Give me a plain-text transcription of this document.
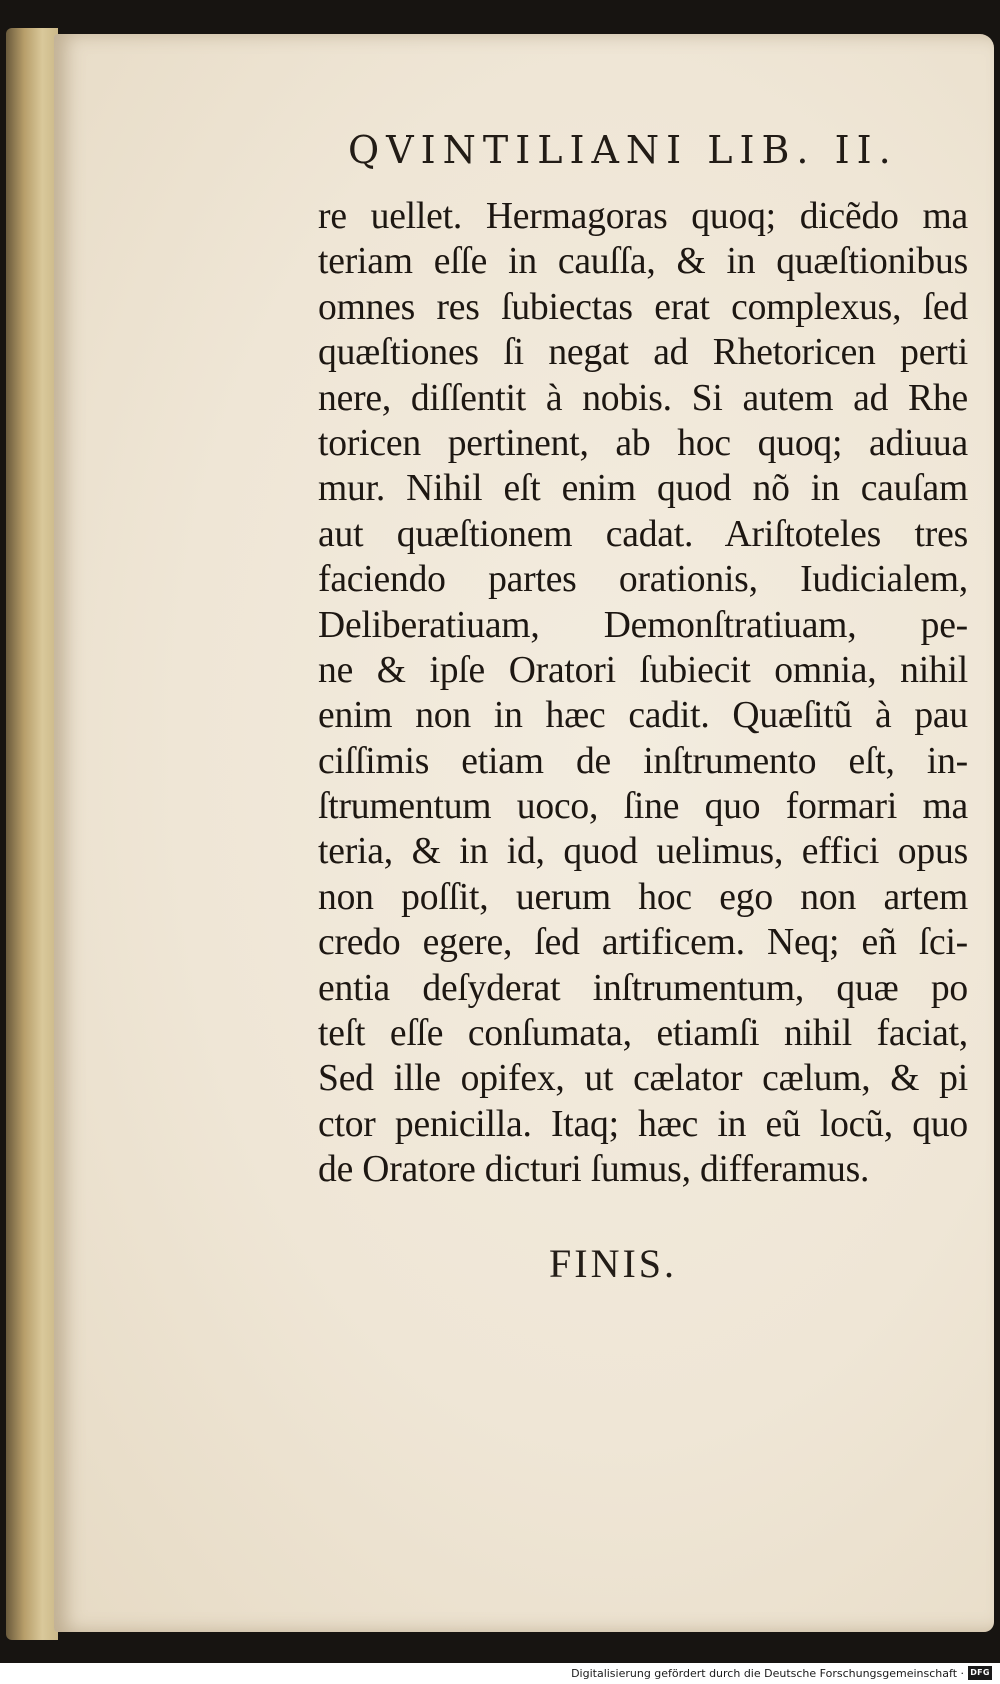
QVINTILIANI LIB. II.
re uellet. Hermagoras quoq; dicẽdo ma
teriam eſſe in cauſſa, & in quæſtionibus
omnes res ſubiectas erat complexus, ſed
quæſtiones ſi negat ad Rhetoricen perti
nere, diſſentit à nobis. Si autem ad Rhe
toricen pertinent, ab hoc quoq; adiuua
mur. Nihil eſt enim quod nõ in cauſam
aut quæſtionem cadat. Ariſtoteles tres
faciendo partes orationis, Iudicialem,
Deliberatiuam, Demonſtratiuam, pe-
ne & ipſe Oratori ſubiecit omnia, nihil
enim non in hæc cadit. Quæſitũ à pau
ciſſimis etiam de inſtrumento eſt, in-
ſtrumentum uoco, ſine quo formari ma
teria, & in id, quod uelimus, effici opus
non poſſit, uerum hoc ego non artem
credo egere, ſed artificem. Neq; eñ ſci-
entia deſyderat inſtrumentum, quæ po
teſt eſſe conſumata, etiamſi nihil faciat,
Sed ille opifex, ut cælator cælum, & pi
ctor penicilla. Itaq; hæc in eũ locũ, quo
de Oratore dicturi ſumus, differamus.
FINIS.
Digitalisierung gefördert durch die Deutsche Forschungsgemeinschaft · DFG
